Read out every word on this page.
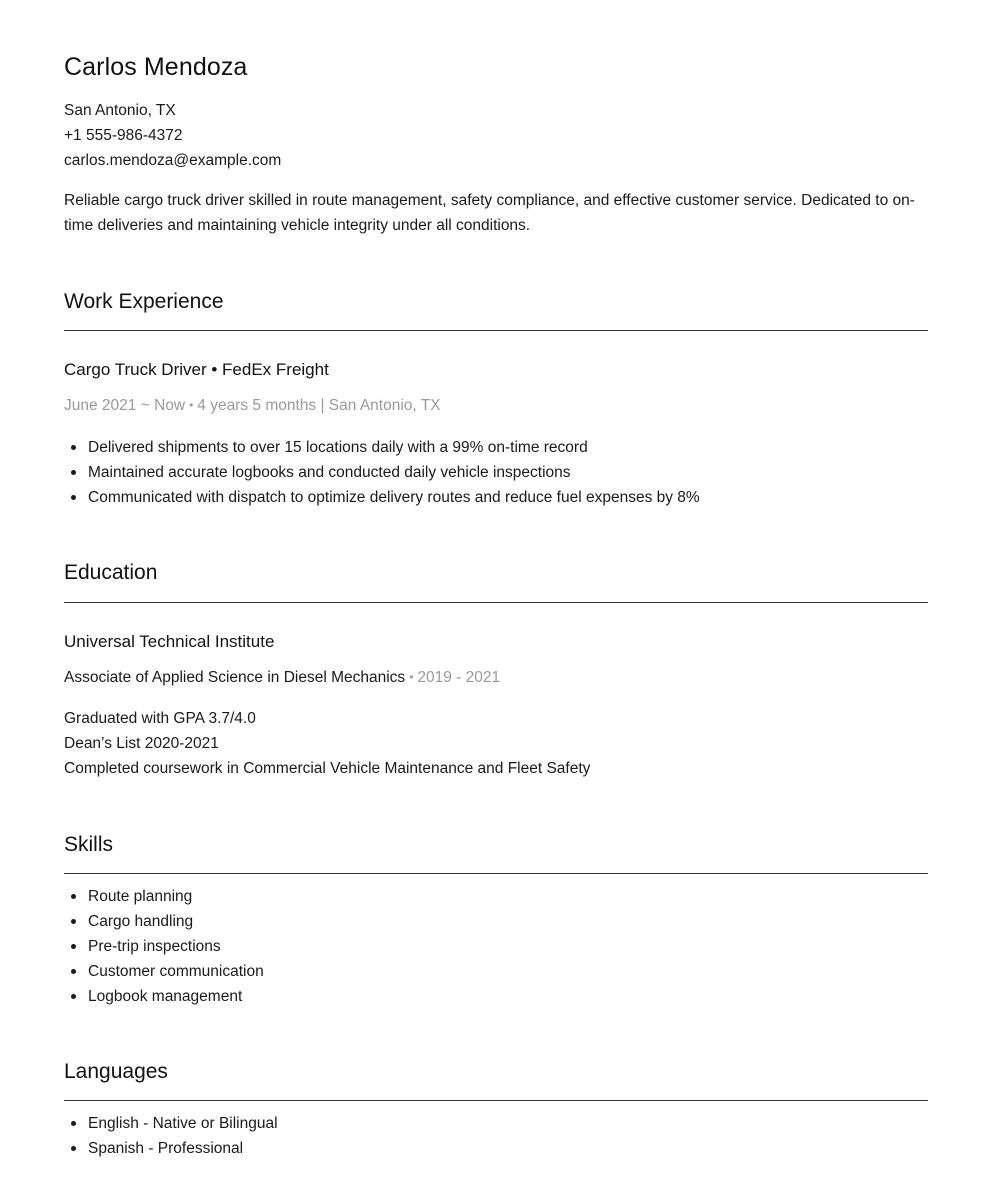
Carlos Mendoza
San Antonio, TX
+1 555-986-4372
carlos.mendoza@example.com

Reliable cargo truck driver skilled in route management, safety compliance, and effective customer service. Dedicated to on-time deliveries and maintaining vehicle integrity under all conditions.

Work Experience
Cargo Truck Driver • FedEx Freight
June 2021 ~ Now • 4 years 5 months | San Antonio, TX
Delivered shipments to over 15 locations daily with a 99% on-time record
Maintained accurate logbooks and conducted daily vehicle inspections
Communicated with dispatch to optimize delivery routes and reduce fuel expenses by 8%
Education
Universal Technical Institute
Associate of Applied Science in Diesel Mechanics • 2019 - 2021
Graduated with GPA 3.7/4.0
Dean’s List 2020-2021
Completed coursework in Commercial Vehicle Maintenance and Fleet Safety
Skills
Route planning
Cargo handling
Pre-trip inspections
Customer communication
Logbook management
Languages
English - Native or Bilingual
Spanish - Professional
